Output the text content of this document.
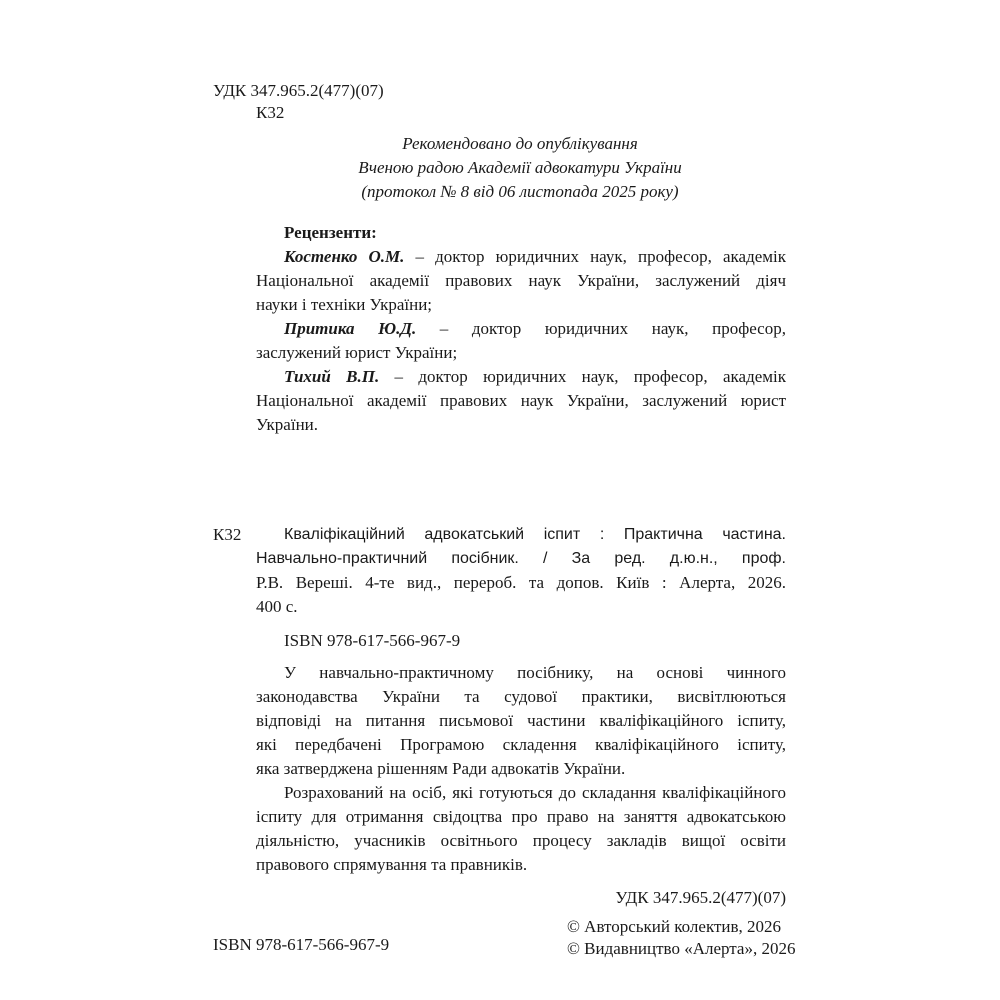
УДК 347.965.2(477)(07)
К32
Рекомендовано до опублікування
Вченою радою Академії адвокатури України
(протокол № 8 від 06 листопада 2025 року)
Рецензенти:
Костенко О.М. – доктор юридичних наук, професор, академік
Національної академії правових наук України, заслужений діяч
науки і техніки України;
Притика Ю.Д. – доктор юридичних наук, професор,
заслужений юрист України;
Тихий В.П. – доктор юридичних наук, професор, академік
Національної академії правових наук України, заслужений юрист
України.
К32	Кваліфікаційний адвокатський іспит : Практична частина.
Навчально-практичний посібник. / За ред. д.ю.н., проф.
Р.В. Вереші. 4-те вид., перероб. та допов. Київ : Алерта, 2026.
400 с.
ISBN 978-617-566-967-9
У навчально-практичному посібнику, на основі чинного
законодавства України та судової практики, висвітлюються
відповіді на питання письмової частини кваліфікаційного іспиту,
які передбачені Програмою складення кваліфікаційного іспиту,
яка затверджена рішенням Ради адвокатів України.
Розрахований на осіб, які готуються до складання кваліфікаційного
іспиту для отримання свідоцтва про право на заняття адвокатською
діяльністю, учасників освітнього процесу закладів вищої освіти
правового спрямування та правників.
УДК 347.965.2(477)(07)
ISBN 978-617-566-967-9
© Авторський колектив, 2026
© Видавництво «Алерта», 2026
